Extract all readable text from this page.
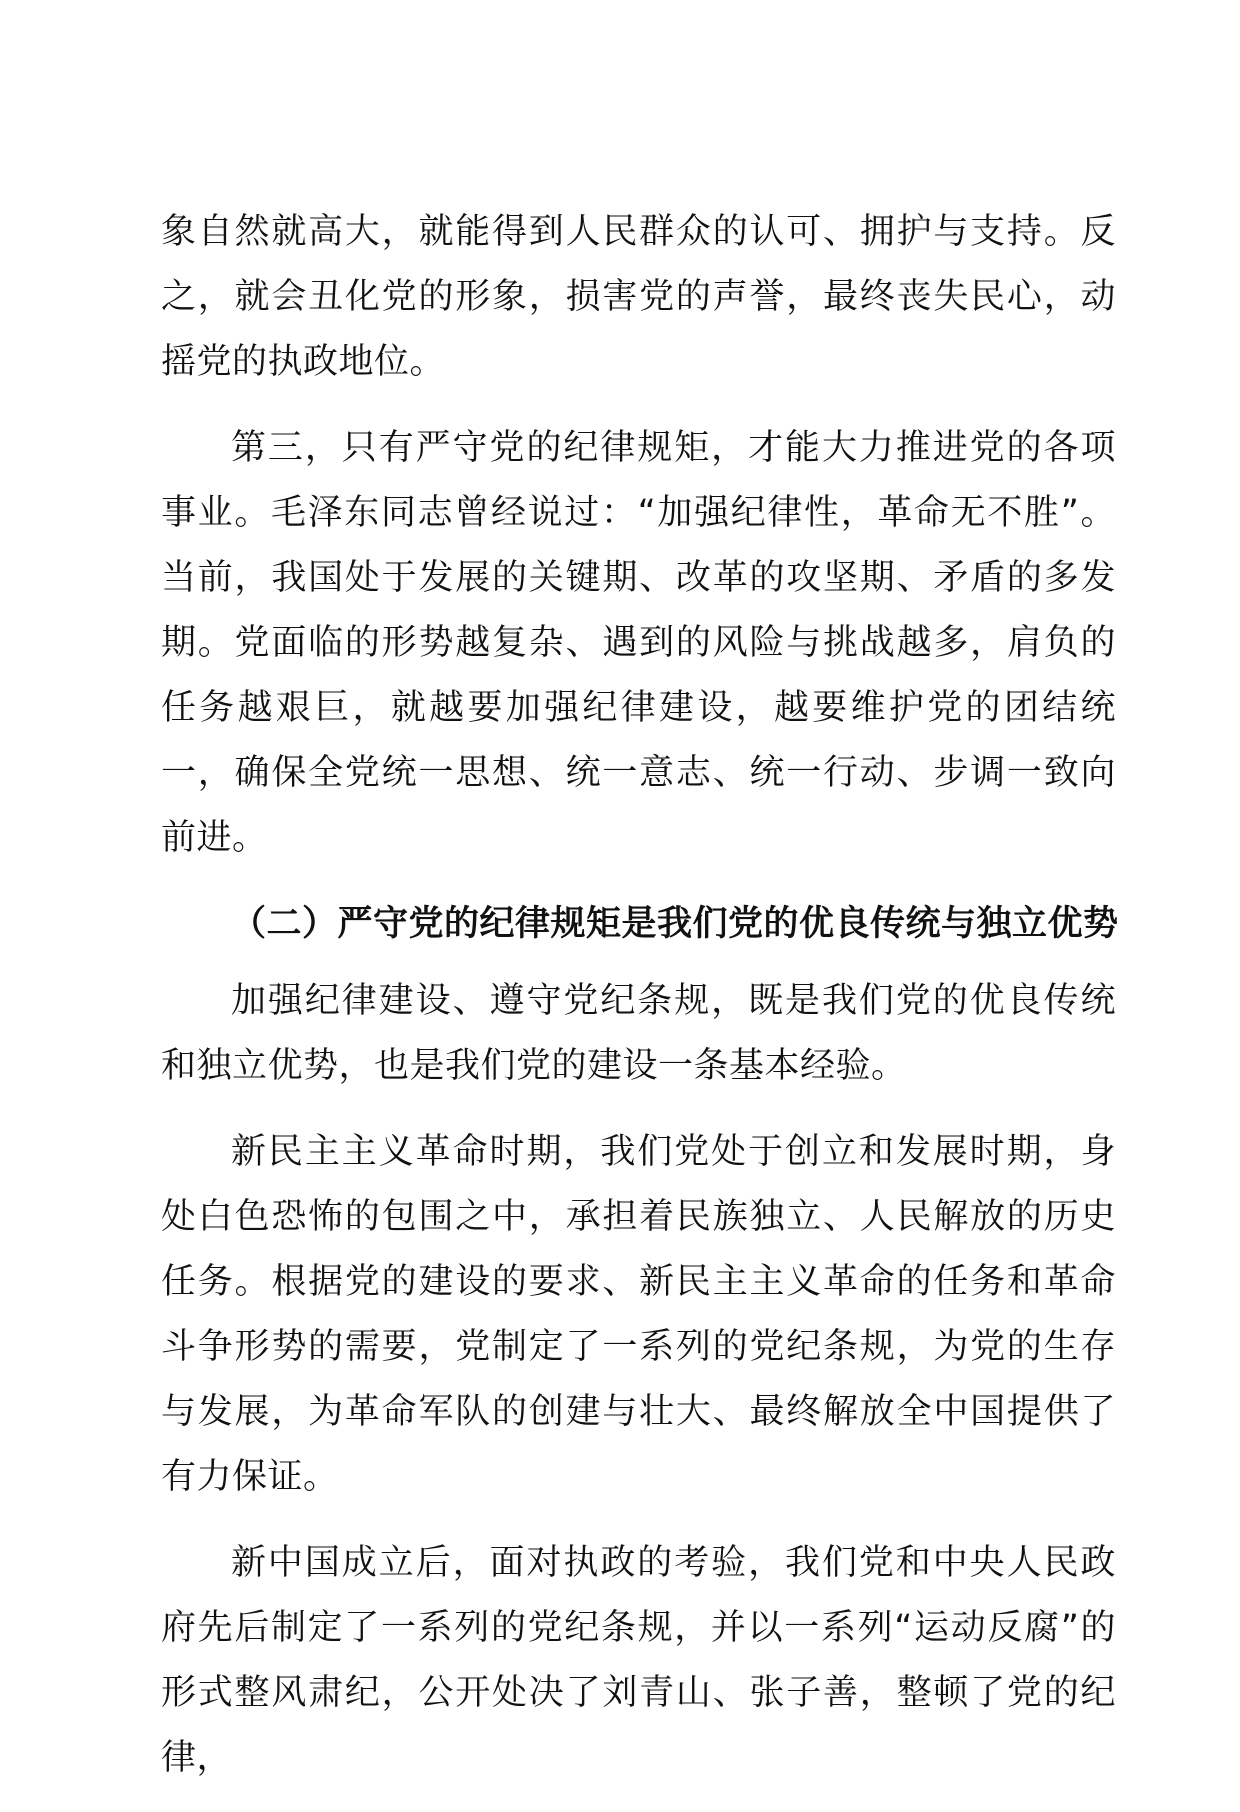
象自然就高大，就能得到人民群众的认可、拥护与支持。反之，就会丑化党的形象，损害党的声誉，最终丧失民心，动摇党的执政地位。

第三，只有严守党的纪律规矩，才能大力推进党的各项事业。毛泽东同志曾经说过：“加强纪律性，革命无不胜”。当前，我国处于发展的关键期、改革的攻坚期、矛盾的多发期。党面临的形势越复杂、遇到的风险与挑战越多，肩负的任务越艰巨，就越要加强纪律建设，越要维护党的团结统一，确保全党统一思想、统一意志、统一行动、步调一致向前进。

（二）严守党的纪律规矩是我们党的优良传统与独立优势

加强纪律建设、遵守党纪条规，既是我们党的优良传统和独立优势，也是我们党的建设一条基本经验。

新民主主义革命时期，我们党处于创立和发展时期，身处白色恐怖的包围之中，承担着民族独立、人民解放的历史任务。根据党的建设的要求、新民主主义革命的任务和革命斗争形势的需要，党制定了一系列的党纪条规，为党的生存与发展，为革命军队的创建与壮大、最终解放全中国提供了有力保证。

新中国成立后，面对执政的考验，我们党和中央人民政府先后制定了一系列的党纪条规，并以一系列“运动反腐”的形式整风肃纪，公开处决了刘青山、张子善，整顿了党的纪律，
